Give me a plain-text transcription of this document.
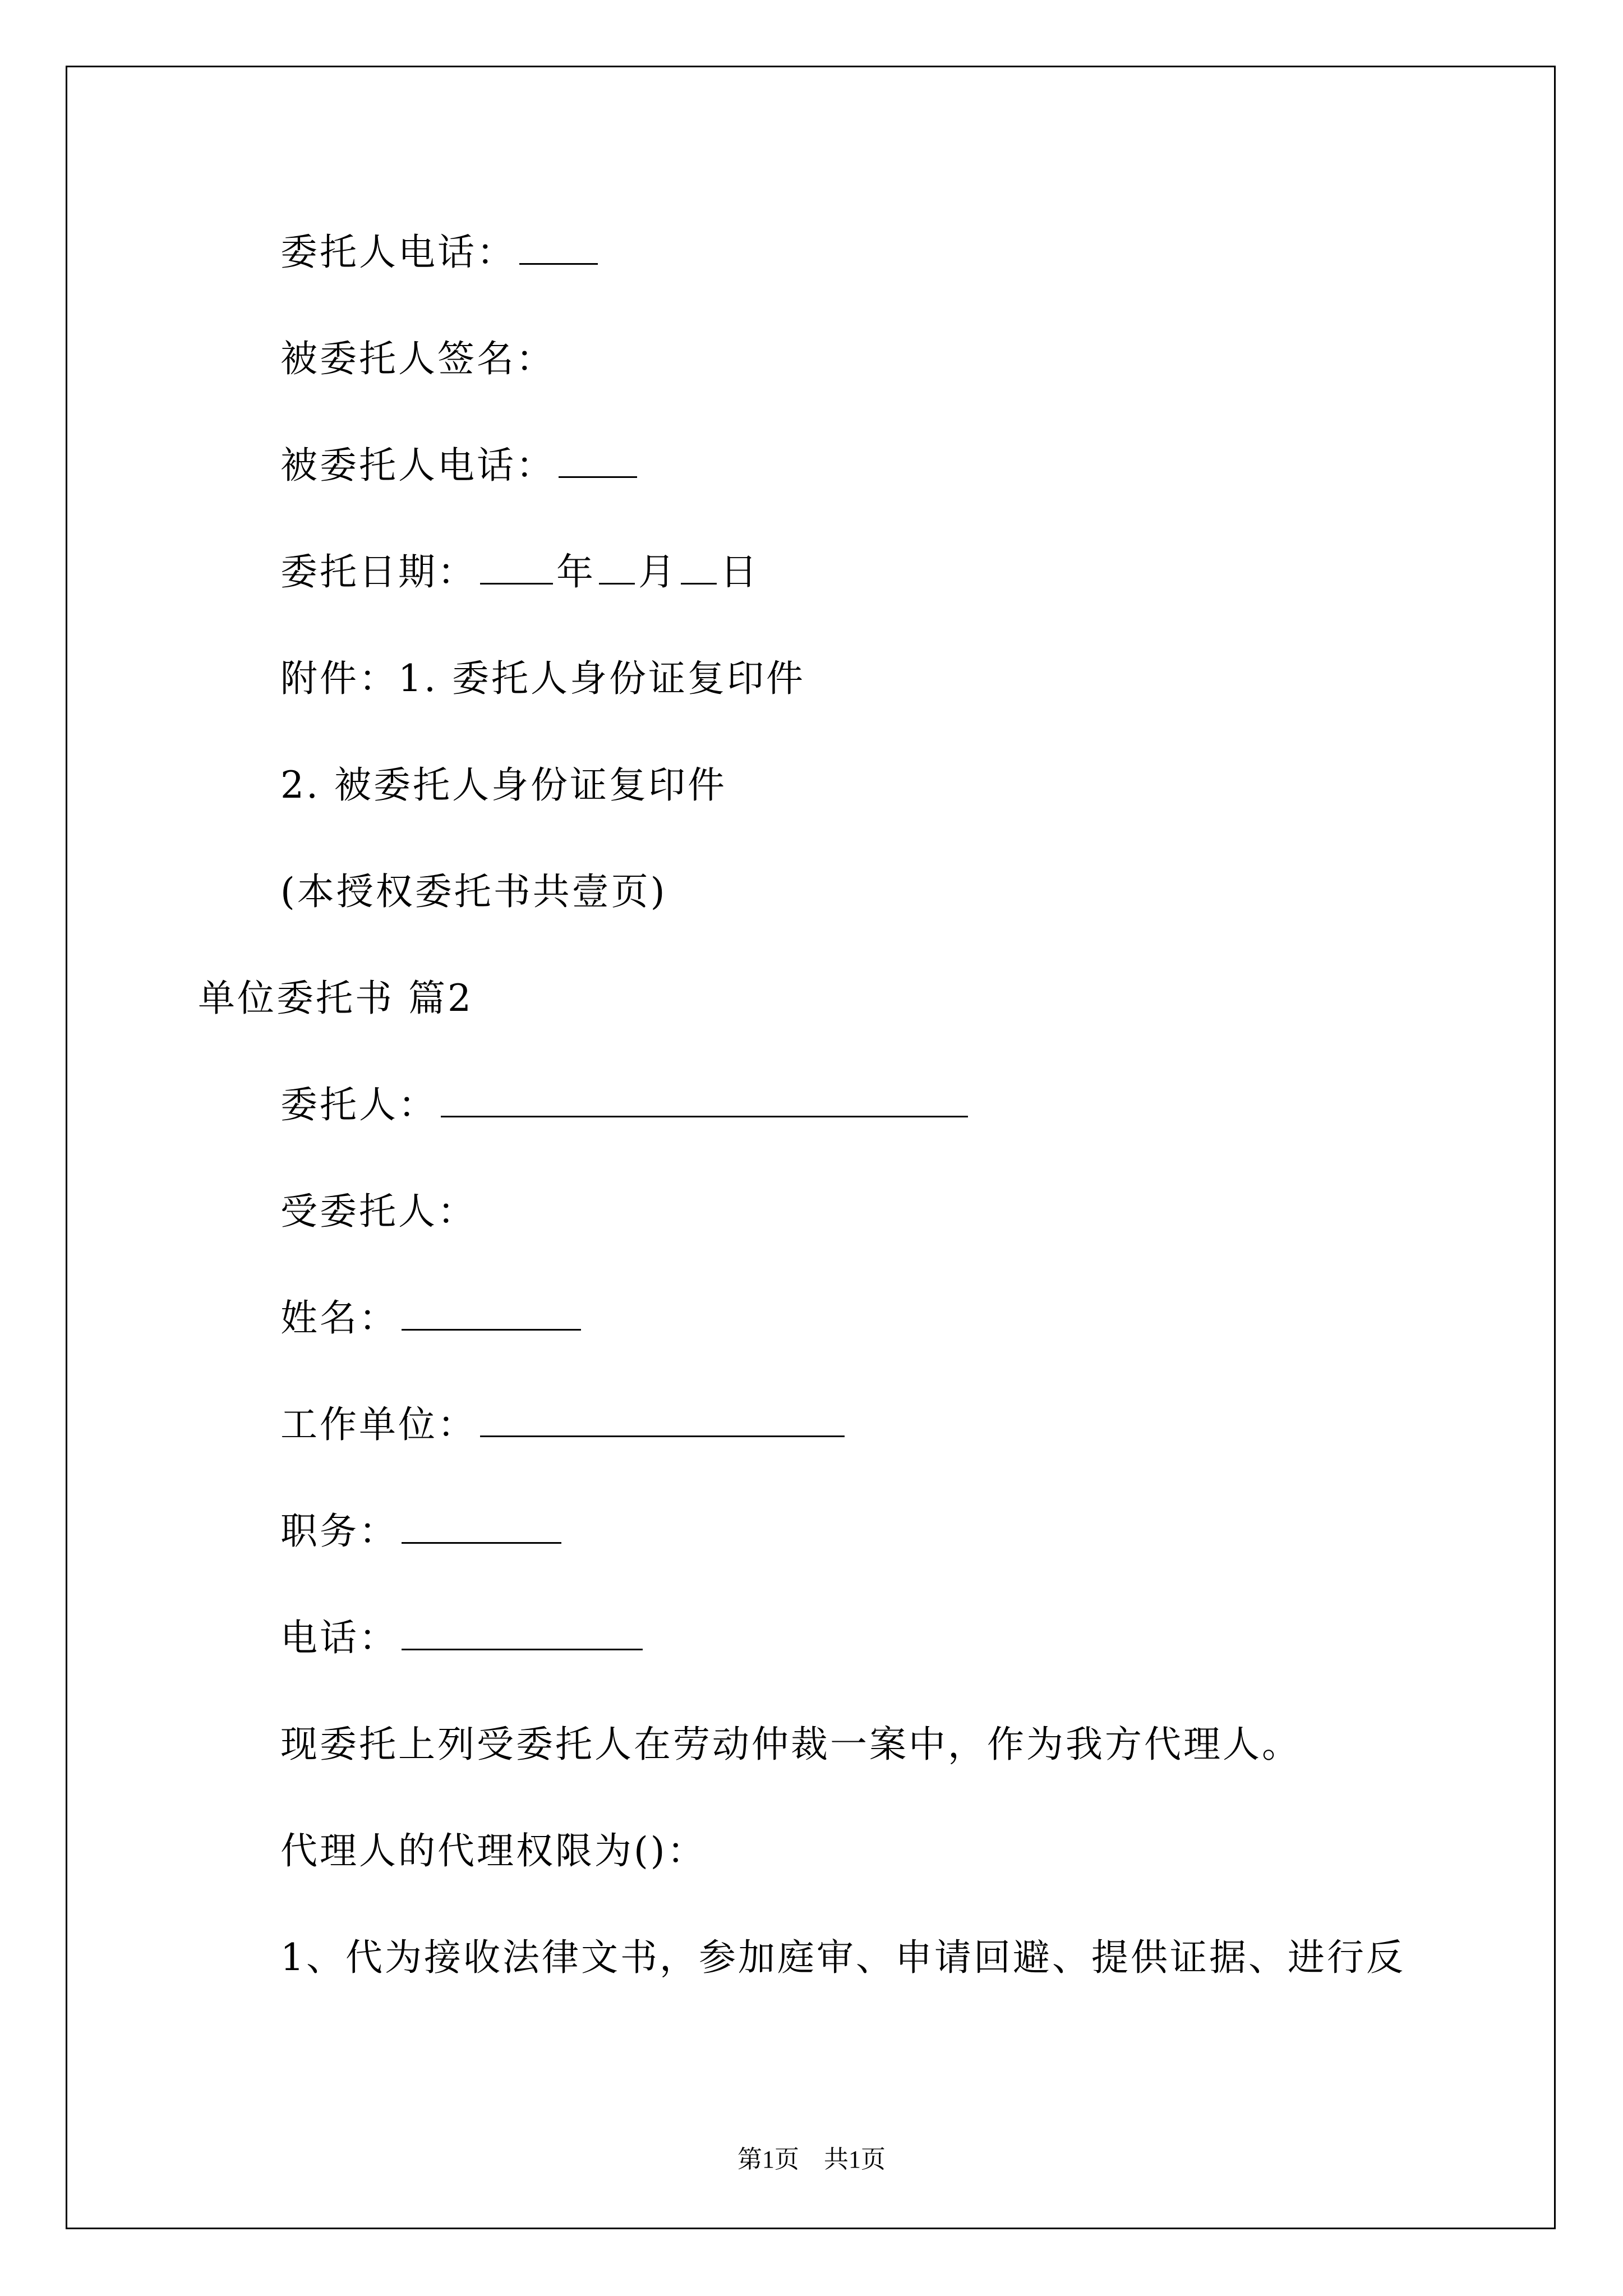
委托人电话：
被委托人签名：
被委托人电话：
委托日期： 年 月 日
附件：1. 委托人身份证复印件
2. 被委托人身份证复印件
(本授权委托书共壹页)
单位委托书 篇2
委托人：
受委托人：
姓名：
工作单位：
职务：
电话：
现委托上列受委托人在劳动仲裁一案中，作为我方代理人。
代理人的代理权限为()：
1、代为接收法律文书，参加庭审、申请回避、提供证据、进行反
第1页　共1页
